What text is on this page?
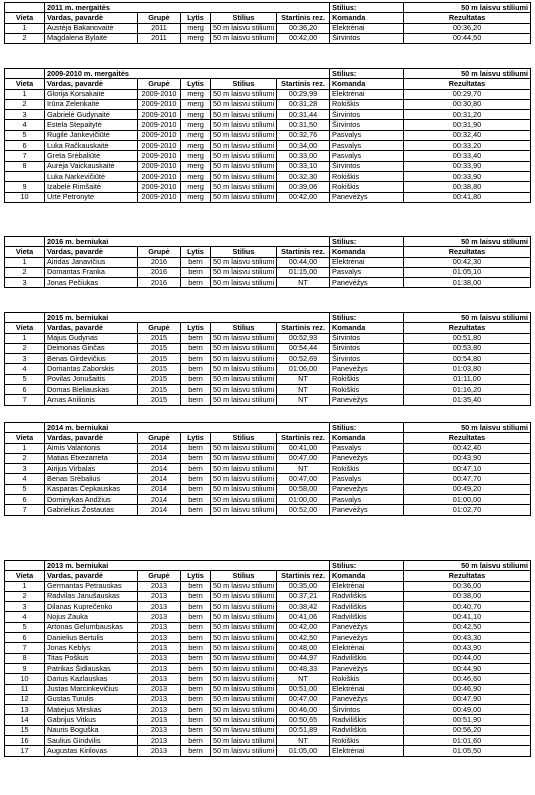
	2011 m. mergaitės					Stilius:	50 m laisvu stiliumi
Vieta	Vardas, pavardė	Grupė	Lytis	Stilius	Startinis rez.	Komanda	Rezultatas
1	Austėja Bakanovaitė	2011	merg	50 m laisvu stiliumi	00:36,20	Elektrėnai	00:36,20
2	Magdalena Bylaitė	2011	merg	50 m laisvu stiliumi	00:42,00	Širvintos	00:44,50
	2009-2010 m. mergaitės					Stilius:	50 m laisvu stiliumi
Vieta	Vardas, pavardė	Grupė	Lytis	Stilius	Startinis rez.	Komanda	Rezultatas
1	Glorija Korsakaitė	2009-2010	merg	50 m laisvu stiliumi	00:29,99	Elektrėnai	00:29,70
2	Irūna Zelenkaitė	2009-2010	merg	50 m laisvu stiliumi	00:31,28	Rokiškis	00:30,80
3	Gabrielė Gudynaitė	2009-2010	merg	50 m laisvu stiliumi	00:31,44	Širvintos	00:31,20
4	Estela Stepaitytė	2009-2010	merg	50 m laisvu stiliumi	00:31,50	Širvintos	00:31,90
5	Rugilė Jankevičiūtė	2009-2010	merg	50 m laisvu stiliumi	00:32,76	Pasvalys	00:32,40
6	Luka Račkauskaitė	2009-2010	merg	50 m laisvu stiliumi	00:34,00	Pasvalys	00:33,20
7	Greta Srėbaliūtė	2009-2010	merg	50 m laisvu stiliumi	00:33,00	Pasvalys	00:33,40
8	Aurėja Vaickauskaitė	2009-2010	merg	50 m laisvu stiliumi	00:33,10	Širvintos	00:33,90
	Luka Narkevičiūtė	2009-2010	merg	50 m laisvu stiliumi	00:32,30	Rokiškis	00:33,90
9	Izabelė Rimšaitė	2009-2010	merg	50 m laisvu stiliumi	00:39,06	Rokiškis	00:38,80
10	Urtė Petronytė	2009-2010	merg	50 m laisvu stiliumi	00:42,00	Panevėžys	00:41,80
	2016 m. berniukai					Stilius:	50 m laisvu stiliumi
Vieta	Vardas, pavardė	Grupė	Lytis	Stilius	Startinis rez.	Komanda	Rezultatas
1	Airidas Janavičius	2016	bern	50 m laisvu stiliumi	00:44,00	Elektrėnai	00:42,30
2	Domantas Franka	2016	bern	50 m laisvu stiliumi	01:15,00	Pasvalys	01:05,10
3	Jonas Pečiukas	2016	bern	50 m laisvu stiliumi	NT	Panevėžys	01:38,00
	2015 m. berniukai					Stilius:	50 m laisvu stiliumi
Vieta	Vardas, pavardė	Grupė	Lytis	Stilius	Startinis rez.	Komanda	Rezultatas
1	Majus Gudynas	2015	bern	50 m laisvu stiliumi	00:52,93	Širvintos	00:51,80
2	Deimonas Ginčas	2015	bern	50 m laisvu stiliumi	00:54,44	Širvintos	00:53,80
3	Benas Girdevičius	2015	bern	50 m laisvu stiliumi	00:52,69	Širvintos	00:54,80
4	Domantas Zaborskis	2015	bern	50 m laisvu stiliumi	01:06,00	Panevėžys	01:03,80
5	Povilas Jonušaitis	2015	bern	50 m laisvu stiliumi	NT	Rokiškis	01:11,00
6	Domas Bieliauskas	2015	bern	50 m laisvu stiliumi	NT	Rokiškis	01:16,20
7	Arnas Anilionis	2015	bern	50 m laisvu stiliumi	NT	Panevėžys	01:35,40
	2014 m. berniukai					Stilius:	50 m laisvu stiliumi
Vieta	Vardas, pavardė	Grupė	Lytis	Stilius	Startinis rez.	Komanda	Rezultatas
1	Aimis Valantonis	2014	bern	50 m laisvu stiliumi	00:41,00	Pasvalys	00:42,40
2	Matias Etxezarreta	2014	bern	50 m laisvu stiliumi	00:47,00	Panevėžys	00:43,90
3	Airijus Virbalas	2014	bern	50 m laisvu stiliumi	NT	Rokiškis	00:47,10
4	Benas Srėbalius	2014	bern	50 m laisvu stiliumi	00:47,00	Pasvalys	00:47,70
5	Kasparas Čepkauskas	2014	bern	50 m laisvu stiliumi	00:58,00	Panevėžys	00:49,20
6	Dominykas Andžius	2014	bern	50 m laisvu stiliumi	01:00,00	Pasvalys	01:00,00
7	Gabrielius Žostautas	2014	bern	50 m laisvu stiliumi	00:52,00	Panevėžys	01:02,70
	2013 m. berniukai					Stilius:	50 m laisvu stiliumi
Vieta	Vardas, pavardė	Grupė	Lytis	Stilius	Startinis rez.	Komanda	Rezultatas
1	Germantas Petrauskas	2013	bern	50 m laisvu stiliumi	00:35,00	Elektrėnai	00:36,00
2	Radvilas Janušauskas	2013	bern	50 m laisvu stiliumi	00:37,21	Radviliškis	00:38,00
3	Dilanas Kuprečenko	2013	bern	50 m laisvu stiliumi	00:38,42	Radviliškis	00:40,70
4	Nojus Zauka	2013	bern	50 m laisvu stiliumi	00:41,06	Radviliškis	00:41,10
5	Artonas Gelumbauskas	2013	bern	50 m laisvu stiliumi	00:42,00	Panevėžys	00:42,50
6	Danielius Bertulis	2013	bern	50 m laisvu stiliumi	00:42,50	Panevėžys	00:43,30
7	Jonas Keblys	2013	bern	50 m laisvu stiliumi	00:48,00	Elektrėnai	00:43,90
8	Titas Poškus	2013	bern	50 m laisvu stiliumi	00:44,97	Radviliškis	00:44,00
9	Patrikas Šidlauskas	2013	bern	50 m laisvu stiliumi	00:48,33	Panevėžys	00:44,90
10	Darius Kazlauskas	2013	bern	50 m laisvu stiliumi	NT	Rokiškis	00:46,60
11	Justas Marcinkevičius	2013	bern	50 m laisvu stiliumi	00:51,00	Elektrėnai	00:46,90
12	Gustas Turulis	2013	bern	50 m laisvu stiliumi	00:47,00	Panevėžys	00:47,90
13	Matiejus Mirskas	2013	bern	50 m laisvu stiliumi	00:46,00	Širvintos	00:49,00
14	Gabrijus Vitkus	2013	bern	50 m laisvu stiliumi	00:50,65	Radviliškis	00:51,90
15	Nauris Boguška	2013	bern	50 m laisvu stiliumi	00:51,89	Radviliškis	00:56,20
16	Saulius Gindvilis	2013	bern	50 m laisvu stiliumi	NT	Rokiškis	01:01,60
17	Augustas Kirilovas	2013	bern	50 m laisvu stiliumi	01:05,00	Elektrėnai	01:05,50
